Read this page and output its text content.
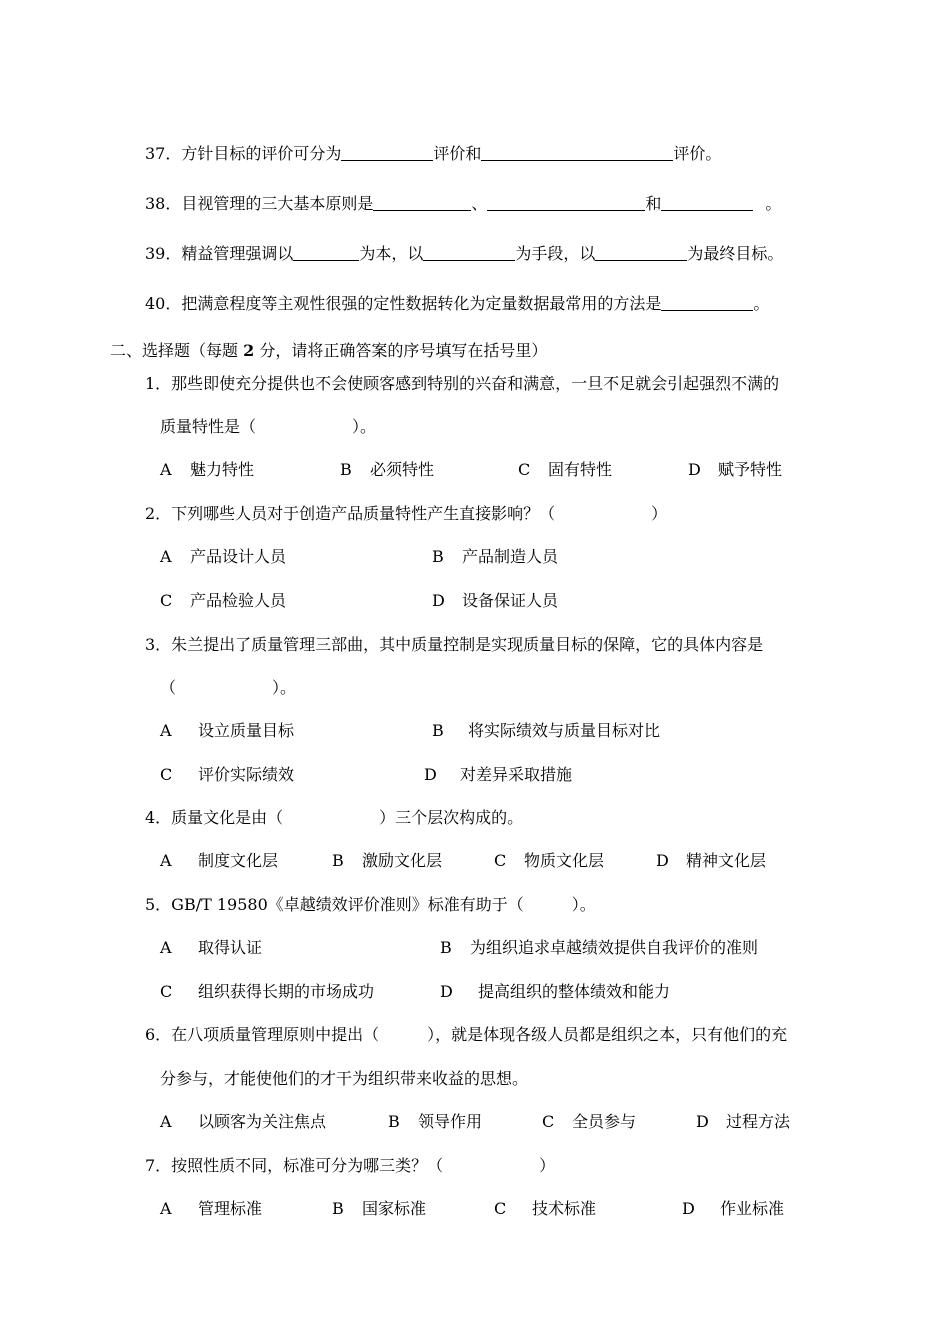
37．方针目标的评价可分为	评价和	评价。
38．目视管理的三大基本原则是	、	和	。
39．精益管理强调以	为本，以	为手段，以	为最终目标。
40．把满意程度等主观性很强的定性数据转化为定量数据最常用的方法是	。
二、选择题（每题 2 分，请将正确答案的序号填写在括号里）
1．那些即使充分提供也不会使顾客感到特别的兴奋和满意，一旦不足就会引起强烈不满的
质量特性是（　　　　　　）。
A 魅力特性	B 必须特性	C 固有特性	D 赋予特性
2．下列哪些人员对于创造产品质量特性产生直接影响？（　　　　　　）
A 产品设计人员	B 产品制造人员
C 产品检验人员	D 设备保证人员
3．朱兰提出了质量管理三部曲，其中质量控制是实现质量目标的保障，它的具体内容是
（　　　　　　）。
A 设立质量目标	B 将实际绩效与质量目标对比
C 评价实际绩效	D 对差异采取措施
4．质量文化是由（　　　　　　）三个层次构成的。
A 制度文化层	B 激励文化层	C 物质文化层	D 精神文化层
5．GB/T 19580《卓越绩效评价准则》标准有助于（　　　）。
A 取得认证	B 为组织追求卓越绩效提供自我评价的准则
C 组织获得长期的市场成功	D 提高组织的整体绩效和能力
6．在八项质量管理原则中提出（　　　），就是体现各级人员都是组织之本，只有他们的充
分参与，才能使他们的才干为组织带来收益的思想。
A 以顾客为关注焦点	B 领导作用	C 全员参与	D 过程方法
7．按照性质不同，标准可分为哪三类？（　　　　　　）
A 管理标准	B 国家标准	C 技术标准	D 作业标准
